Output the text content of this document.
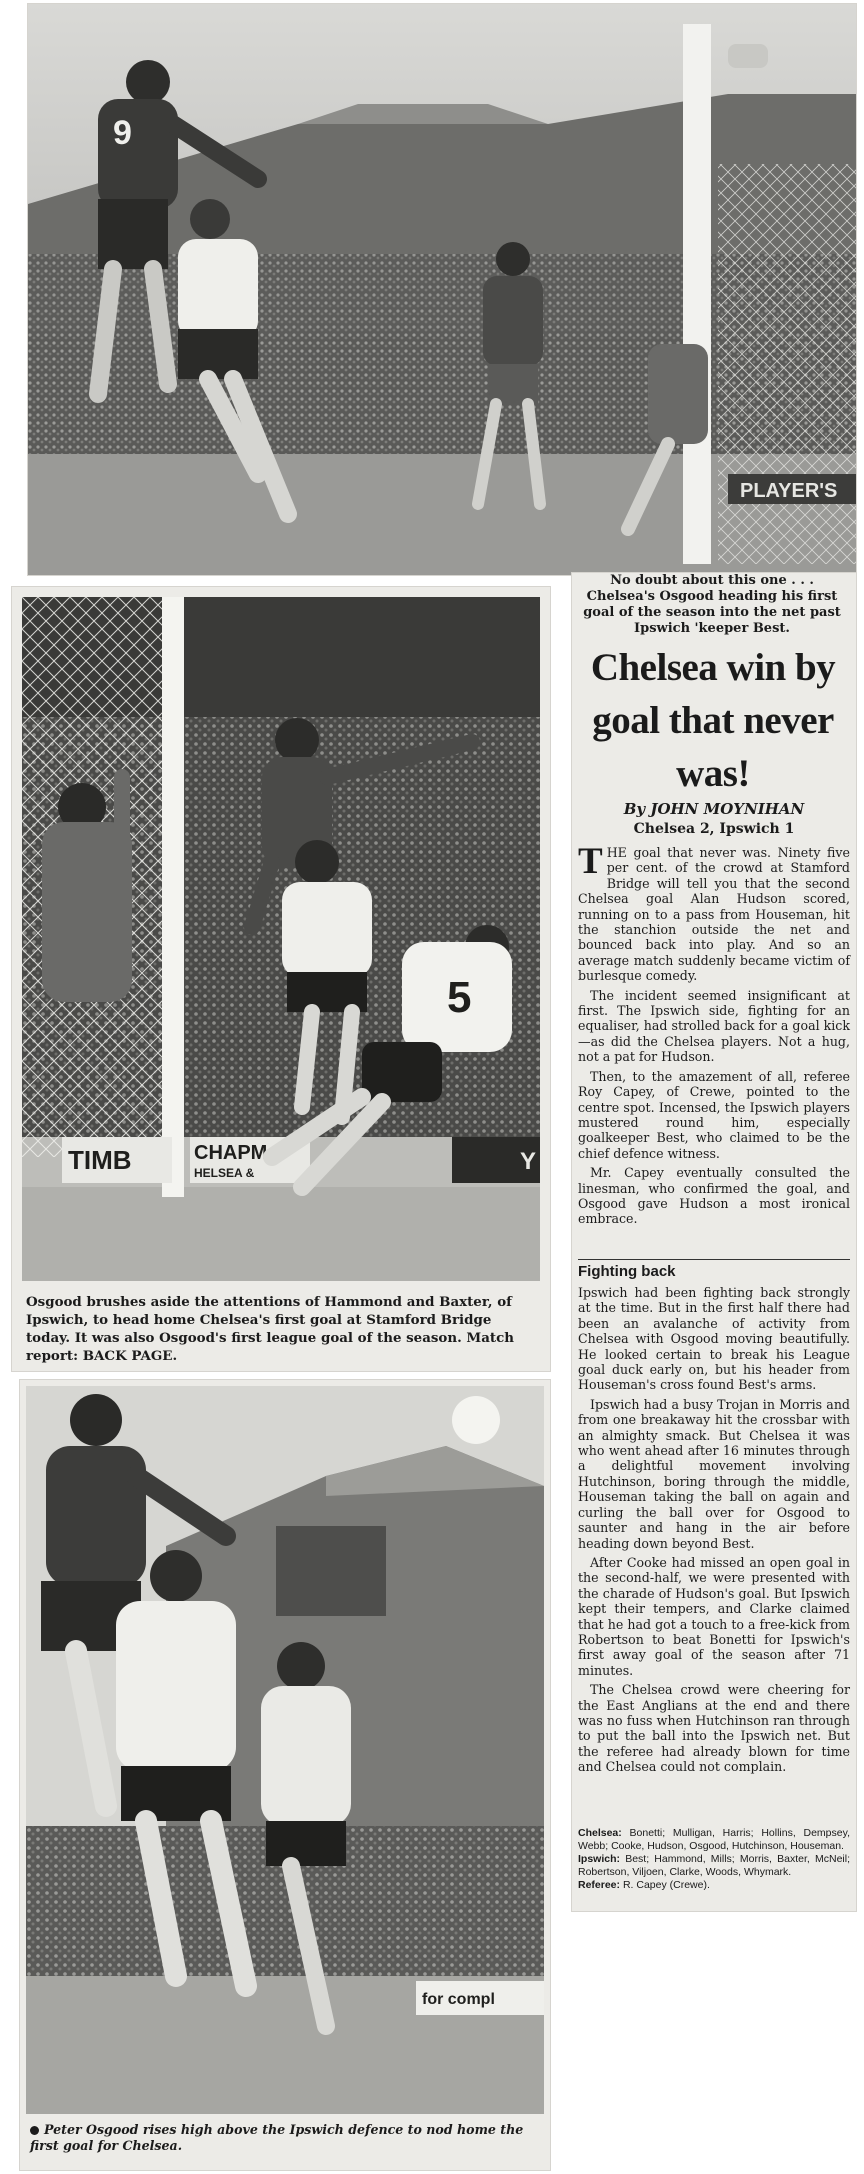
PLAYER'S
9
No doubt about this one . . . Chelsea's Osgood heading his first goal of the season into the net past Ipswich 'keeper Best.
Chelsea win by goal that never was!
By JOHN MOYNIHAN
Chelsea 2, Ipswich 1

THE goal that never was. Ninety five per cent. of the crowd at Stamford Bridge will tell you that the second Chelsea goal Alan Hudson scored, running on to a pass from Houseman, hit the stanchion outside the net and bounced back into play. And so an average match suddenly became victim of burlesque comedy.

The incident seemed insignificant at first. The Ipswich side, fighting for an equaliser, had strolled back for a goal kick—as did the Chelsea players. Not a hug, not a pat for Hudson.

Then, to the amazement of all, referee Roy Capey, of Crewe, pointed to the centre spot. Incensed, the Ipswich players mustered round him, especially goalkeeper Best, who claimed to be the chief defence witness.

Mr. Capey eventually consulted the linesman, who confirmed the goal, and Osgood gave Hudson a most ironical embrace.

Fighting back

Ipswich had been fighting back strongly at the time. But in the first half there had been an avalanche of activity from Chelsea with Osgood moving beautifully. He looked certain to break his League goal duck early on, but his header from Houseman's cross found Best's arms.

Ipswich had a busy Trojan in Morris and from one breakaway hit the crossbar with an almighty smack. But Chelsea it was who went ahead after 16 minutes through a delightful movement involving Hutchinson, boring through the middle, Houseman taking the ball on again and curling the ball over for Osgood to saunter and hang in the air before heading down beyond Best.

After Cooke had missed an open goal in the second-half, we were presented with the charade of Hudson's goal. But Ipswich kept their tempers, and Clarke claimed that he had got a touch to a free-kick from Robertson to beat Bonetti for Ipswich's first away goal of the season after 71 minutes.

The Chelsea crowd were cheering for the East Anglians at the end and there was no fuss when Hutchinson ran through to put the ball into the Ipswich net. But the referee had already blown for time and Chelsea could not complain.

Chelsea: Bonetti; Mulligan, Harris; Hollins, Dempsey, Webb; Cooke, Hudson, Osgood, Hutchinson, Houseman.
Ipswich: Best; Hammond, Mills; Morris, Baxter, McNeil; Robertson, Viljoen, Clarke, Woods, Whymark.
Referee: R. Capey (Crewe).
TIMB	CHAPM
HELSEA &	Y
5
Osgood brushes aside the attentions of Hammond and Baxter, of Ipswich, to head home Chelsea's first goal at Stamford Bridge today. It was also Osgood's first league goal of the season. Match report: BACK PAGE.
for compl
Peter Osgood rises high above the Ipswich defence to nod home the first goal for Chelsea.
